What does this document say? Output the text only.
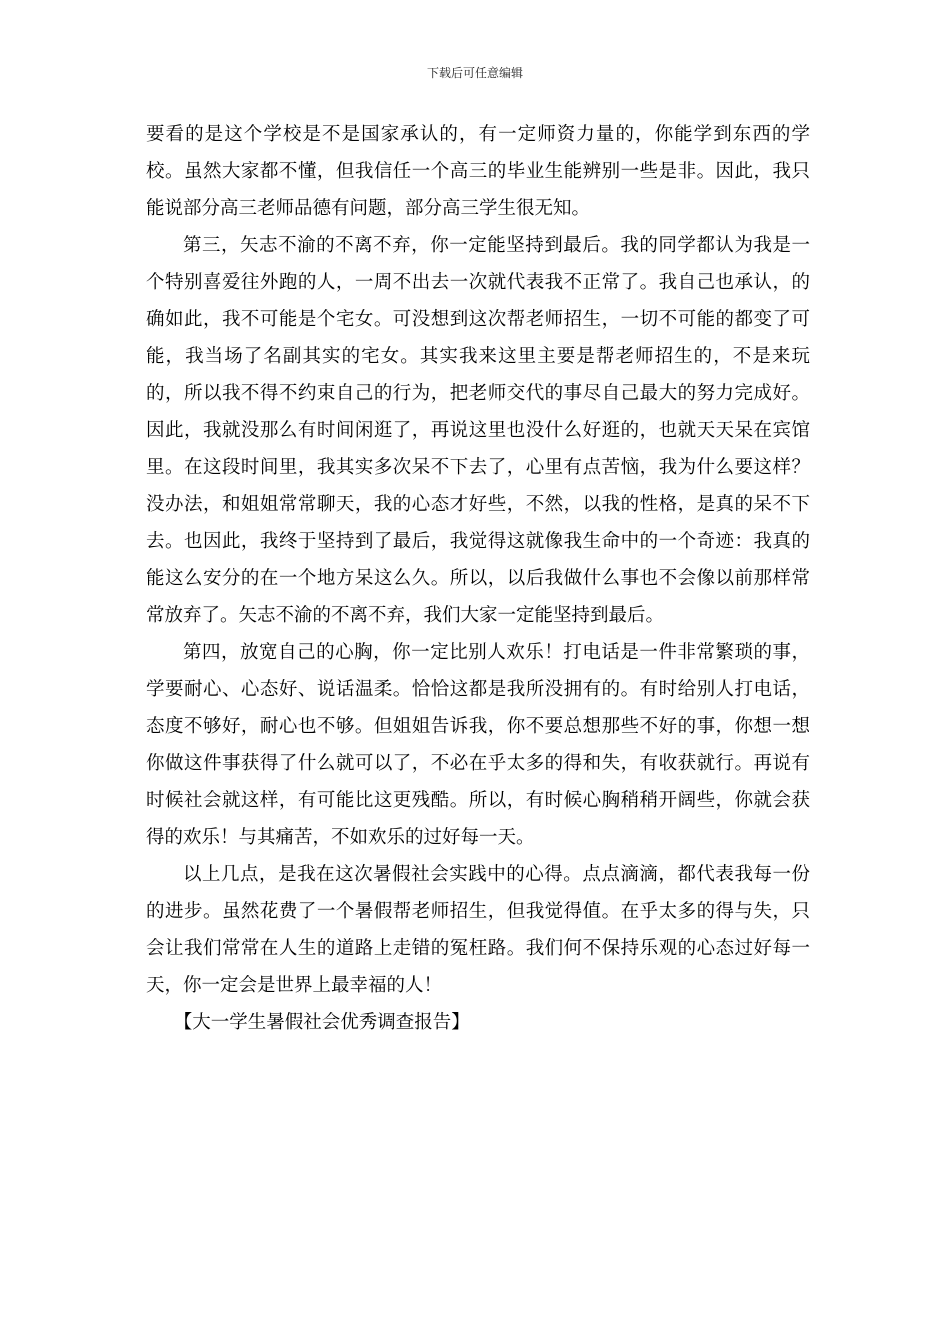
下载后可任意编辑

要看的是这个学校是不是国家承认的，有一定师资力量的，你能学到东西的学校。虽然大家都不懂，但我信任一个高三的毕业生能辨别一些是非。因此，我只能说部分高三老师品德有问题，部分高三学生很无知。

第三，矢志不渝的不离不弃，你一定能坚持到最后。我的同学都认为我是一个特别喜爱往外跑的人，一周不出去一次就代表我不正常了。我自己也承认，的确如此，我不可能是个宅女。可没想到这次帮老师招生，一切不可能的都变了可能，我当场了名副其实的宅女。其实我来这里主要是帮老师招生的，不是来玩的，所以我不得不约束自己的行为，把老师交代的事尽自己最大的努力完成好。因此，我就没那么有时间闲逛了，再说这里也没什么好逛的，也就天天呆在宾馆里。在这段时间里，我其实多次呆不下去了，心里有点苦恼，我为什么要这样？没办法，和姐姐常常聊天，我的心态才好些，不然，以我的性格，是真的呆不下去。也因此，我终于坚持到了最后，我觉得这就像我生命中的一个奇迹：我真的能这么安分的在一个地方呆这么久。所以，以后我做什么事也不会像以前那样常常放弃了。矢志不渝的不离不弃，我们大家一定能坚持到最后。

第四，放宽自己的心胸，你一定比别人欢乐！打电话是一件非常繁琐的事，学要耐心、心态好、说话温柔。恰恰这都是我所没拥有的。有时给别人打电话，态度不够好，耐心也不够。但姐姐告诉我，你不要总想那些不好的事，你想一想你做这件事获得了什么就可以了，不必在乎太多的得和失，有收获就行。再说有时候社会就这样，有可能比这更残酷。所以，有时候心胸稍稍开阔些，你就会获得的欢乐！与其痛苦，不如欢乐的过好每一天。

以上几点，是我在这次暑假社会实践中的心得。点点滴滴，都代表我每一份的进步。虽然花费了一个暑假帮老师招生，但我觉得值。在乎太多的得与失，只会让我们常常在人生的道路上走错的冤枉路。我们何不保持乐观的心态过好每一天，你一定会是世界上最幸福的人！

【大一学生暑假社会优秀调查报告】
